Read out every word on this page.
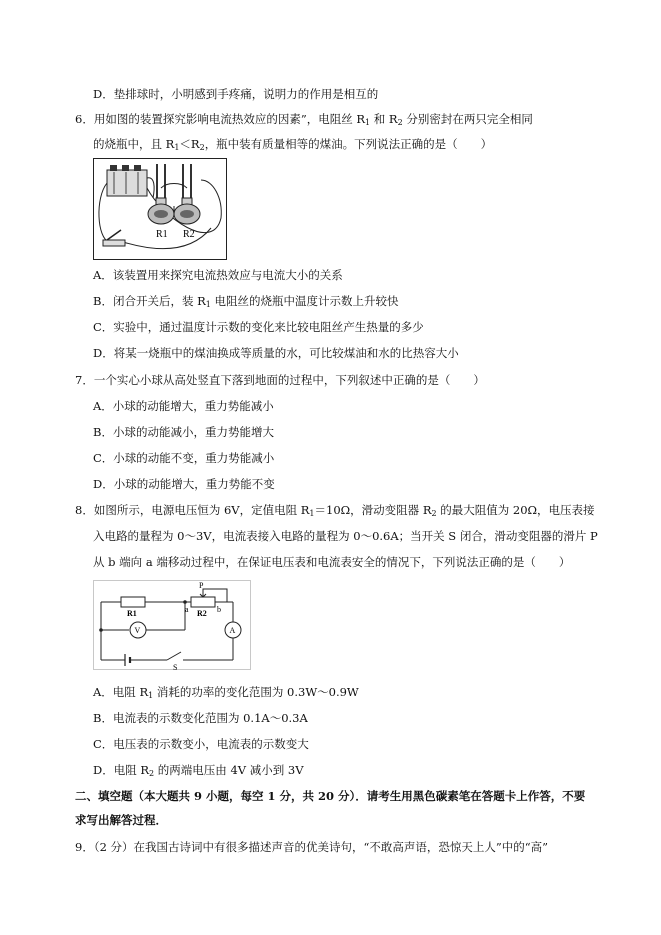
D．垫排球时，小明感到手疼痛，说明力的作用是相互的
6．用如图的装置探究影响电流热效应的因素”，电阻丝 $R_1$ 和 $R_2$ 分别密封在两只完全相同
的烧瓶中，且 $R_1<R_2$，瓶中装有质量相等的煤油。下列说法正确的是（　　）
R1 R2
A．该装置用来探究电流热效应与电流大小的关系
B．闭合开关后，装 $R_1$ 电阻丝的烧瓶中温度计示数上升较快
C．实验中，通过温度计示数的变化来比较电阻丝产生热量的多少
D．将某一烧瓶中的煤油换成等质量的水，可比较煤油和水的比热容大小
7．一个实心小球从高处竖直下落到地面的过程中，下列叙述中正确的是（　　）
A．小球的动能增大，重力势能减小
B．小球的动能减小，重力势能增大
C．小球的动能不变，重力势能减小
D．小球的动能增大，重力势能不变
8．如图所示，电源电压恒为 6V，定值电阻 $R_1=10\Omega$，滑动变阻器 $R_2$ 的最大阻值为 20Ω，电压表接
入电路的量程为 0～3V，电流表接入电路的量程为 0～0.6A；当开关 S 闭合，滑动变阻器的滑片 P
从 b 端向 a 端移动过程中，在保证电压表和电流表安全的情况下，下列说法正确的是（　　）
R1	R2
P
a	b
V	A
S
A．电阻 $R_1$ 消耗的功率的变化范围为 0.3W～0.9W
B．电流表的示数变化范围为 0.1A～0.3A
C．电压表的示数变小，电流表的示数变大
D．电阻 $R_2$ 的两端电压由 4V 减小到 3V
二、填空题（本大题共 9 小题，每空 1 分，共 20 分）．请考生用黑色碳素笔在答题卡上作答，不要
求写出解答过程．
9．（2 分）在我国古诗词中有很多描述声音的优美诗句，“不敢高声语，恐惊天上人”中的“高”
